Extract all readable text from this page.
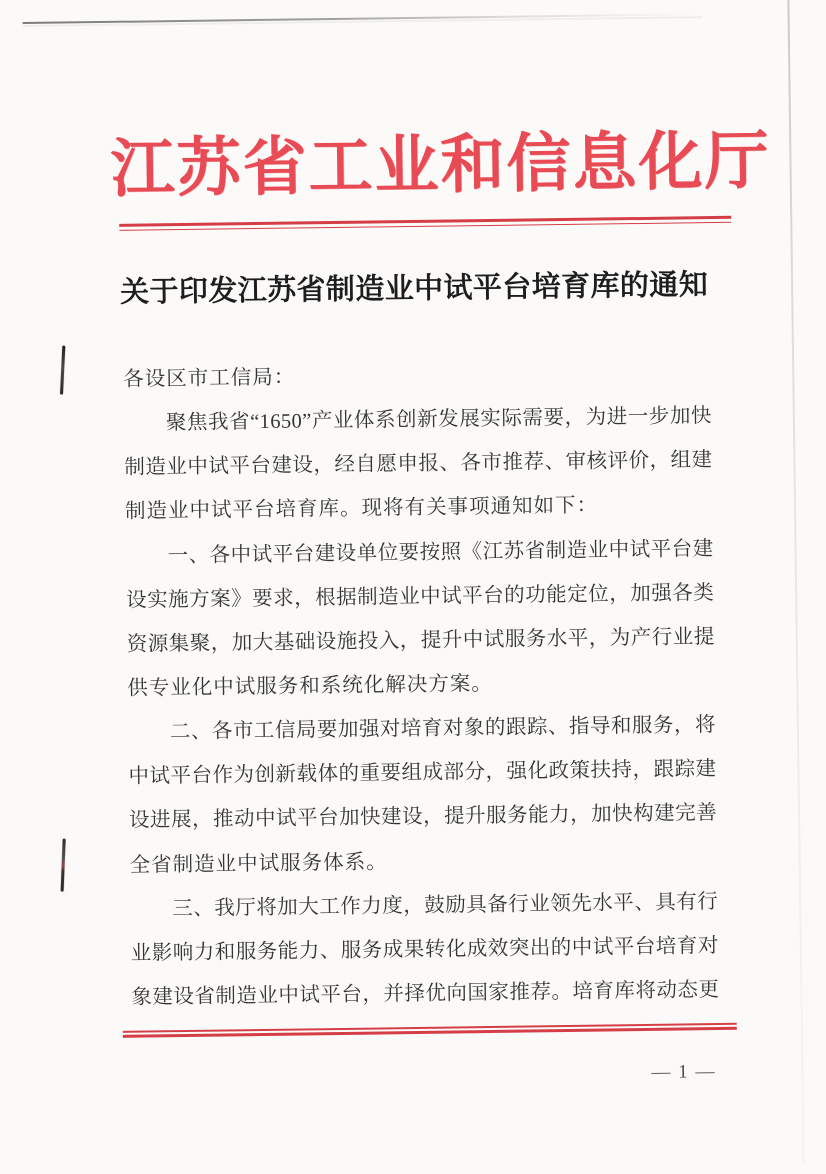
江苏省工业和信息化厅
关于印发江苏省制造业中试平台培育库的通知
各设区市工信局：
聚焦我省“1650”产业体系创新发展实际需要，为进一步加快
制造业中试平台建设，经自愿申报、各市推荐、审核评价，组建
制造业中试平台培育库。现将有关事项通知如下：
一、各中试平台建设单位要按照《江苏省制造业中试平台建
设实施方案》要求，根据制造业中试平台的功能定位，加强各类
资源集聚，加大基础设施投入，提升中试服务水平，为产行业提
供专业化中试服务和系统化解决方案。
二、各市工信局要加强对培育对象的跟踪、指导和服务，将
中试平台作为创新载体的重要组成部分，强化政策扶持，跟踪建
设进展，推动中试平台加快建设，提升服务能力，加快构建完善
全省制造业中试服务体系。
三、我厅将加大工作力度，鼓励具备行业领先水平、具有行
业影响力和服务能力、服务成果转化成效突出的中试平台培育对
象建设省制造业中试平台，并择优向国家推荐。培育库将动态更
— 1 —
